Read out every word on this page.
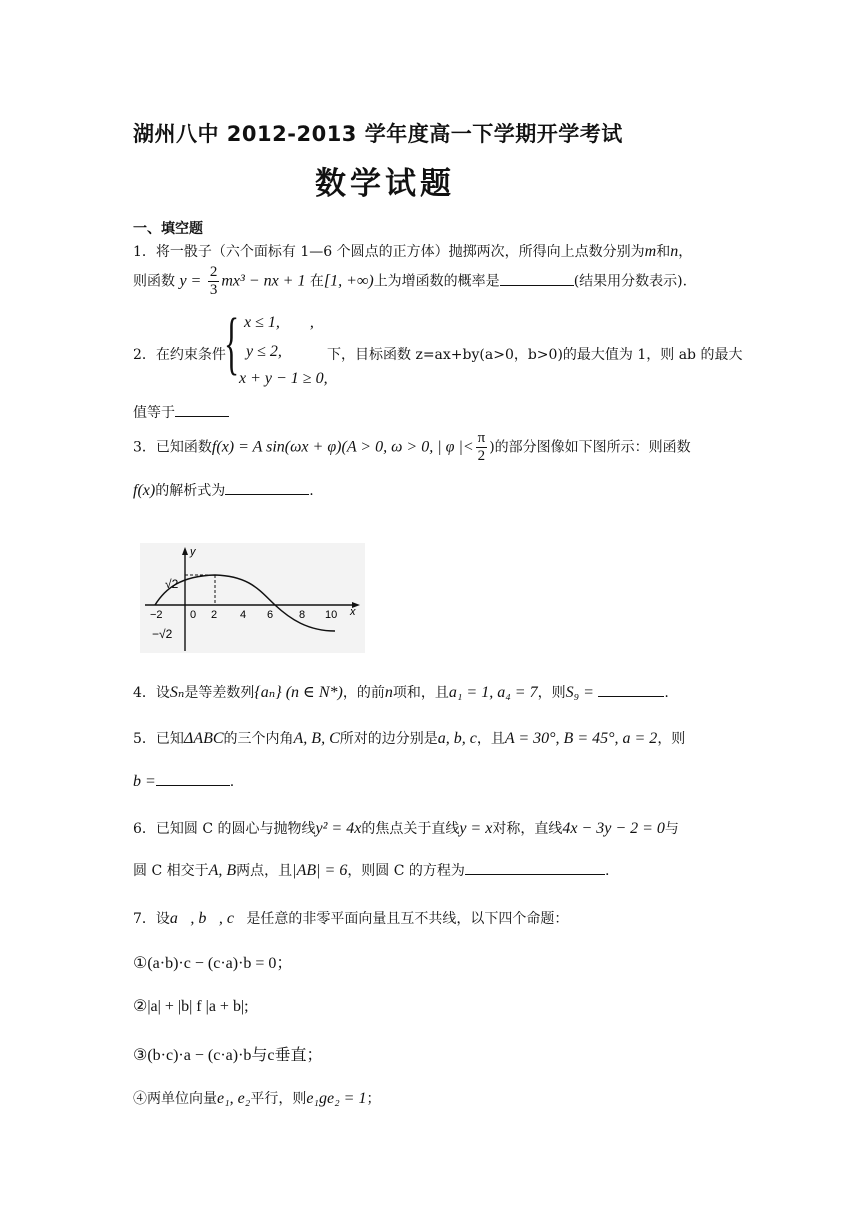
湖州八中 2012-2013 学年度高一下学期开学考试
数学试题
一、填空题
1．将一骰子（六个面标有 1—6 个圆点的正方体）抛掷两次，所得向上点数分别为m和n，
则函数 $y = \frac{2}{3} mx^3$ − nx + 1 在[1, +∞)上为增函数的概率是	(结果用分数表示).
2．在约束条件
{ x ≤ 1, ,
y ≤ 2,
x + y − 1 ≥ 0,
下，目标函数 z=ax+by(a>0，b>0)的最大值为 1，则 ab 的最大
值等于
3．已知函数f(x) = A sin(ωx + φ)(A > 0, ω > 0, | φ |< $\frac{\pi}{2}$ )的部分图像如下图所示：则函数
f(x)的解析式为	.
y
x
√2
−√2
−2 0 2 4 6 8 10
4．设Sₙ是等差数列{aₙ} (n ∈ N*)，的前n项和，且a₁ = 1, a₄ = 7，则S₉ =	.
5．已知ΔABC的三个内角A, B, C所对的边分别是a, b, c，且A = 30°, B = 45°, a = 2，则
b =	.
6．已知圆 C 的圆心与抛物线y² = 4x的焦点关于直线y = x对称，直线4x − 3y − 2 = 0与
圆 C 相交于A, B两点，且|AB| = 6，则圆 C 的方程为	.
7．设a⃗, b⃗, c⃗是任意的非零平面向量且互不共线，以下四个命题：
①(a·b)·c − (c·a)·b = 0；
②|a| + |b| f |a + b|;
③(b·c)·a − (c·a)·b与c垂直；
④两单位向量e₁, e₂平行，则e₁ge₂ = 1；
